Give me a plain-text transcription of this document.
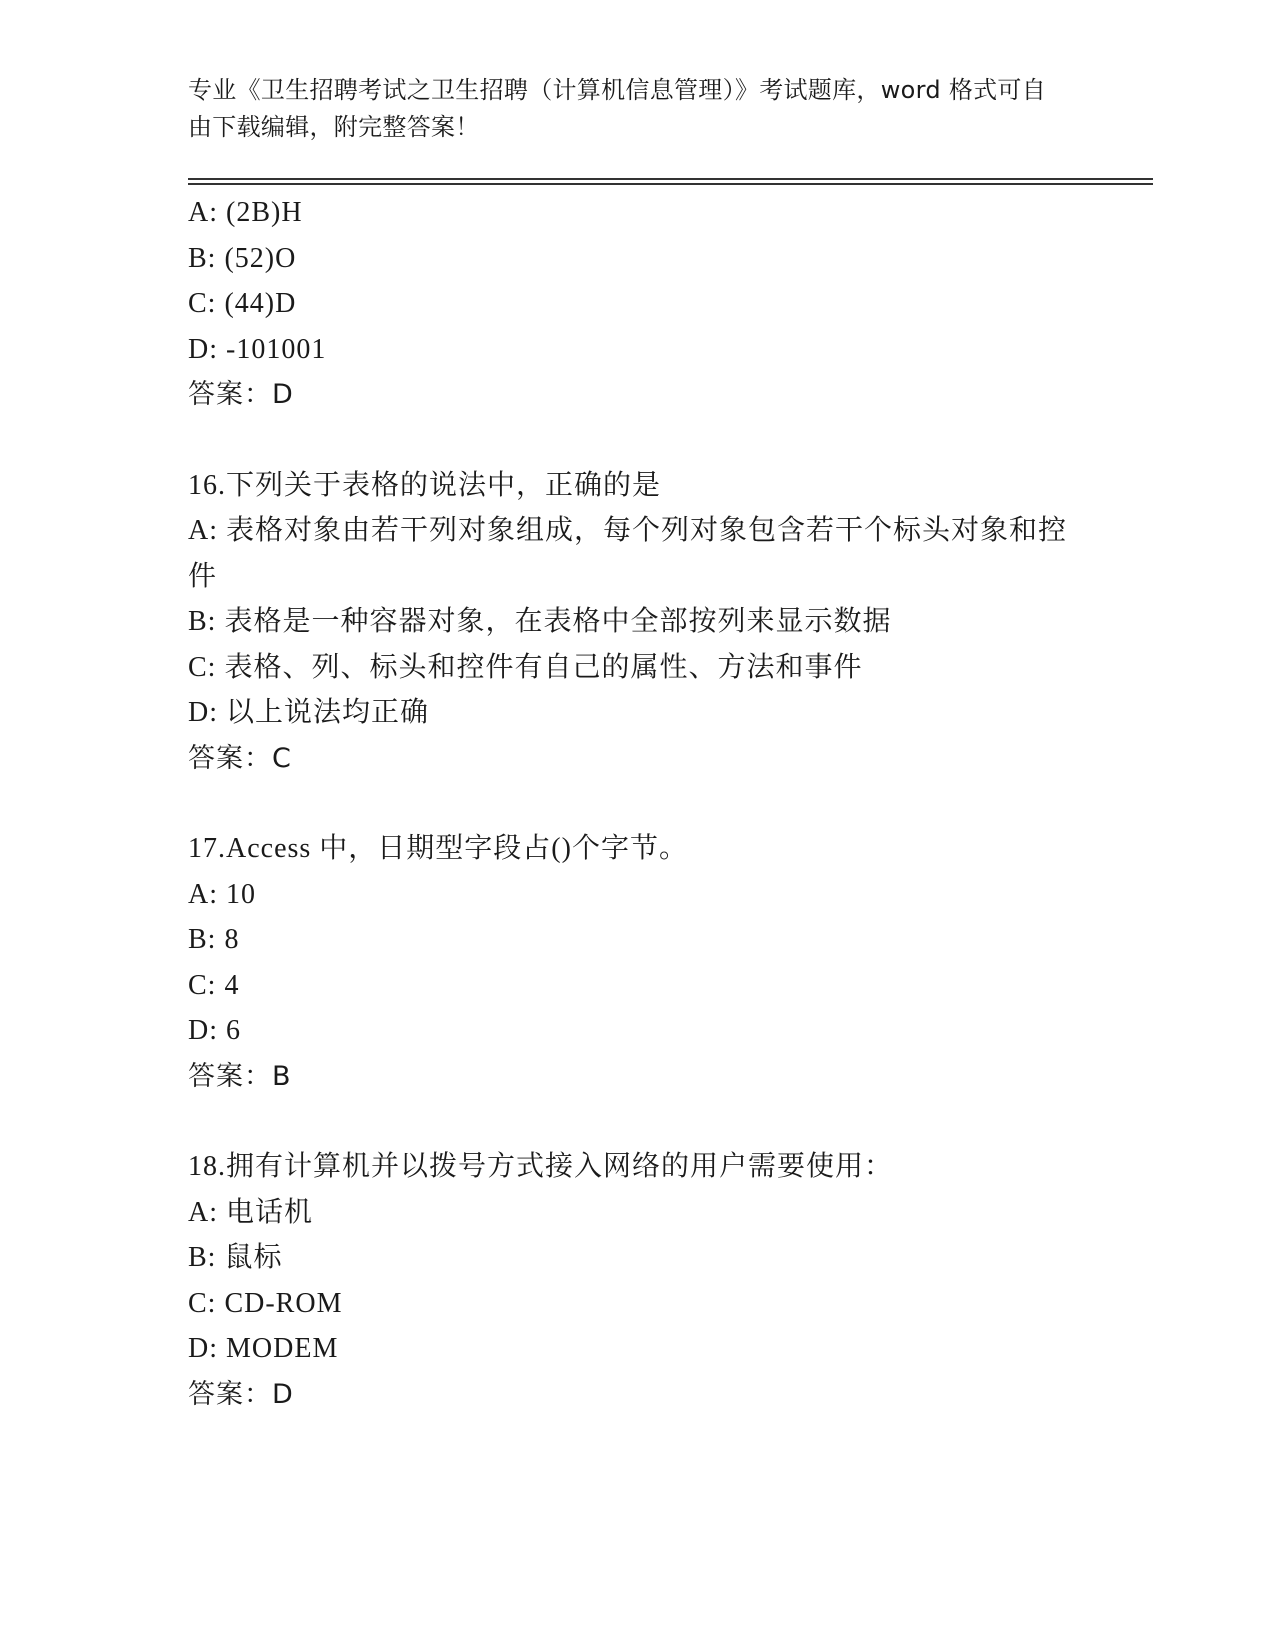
专业《卫生招聘考试之卫生招聘（计算机信息管理）》考试题库，word 格式可自
由下载编辑，附完整答案！
A: (2B)H
B: (52)O
C: (44)D
D: -101001
答案：D
16.下列关于表格的说法中，正确的是
A: 表格对象由若干列对象组成，每个列对象包含若干个标头对象和控件
B: 表格是一种容器对象，在表格中全部按列来显示数据
C: 表格、列、标头和控件有自己的属性、方法和事件
D: 以上说法均正确
答案：C
17.Access 中，日期型字段占()个字节。
A: 10
B: 8
C: 4
D: 6
答案：B
18.拥有计算机并以拨号方式接入网络的用户需要使用：
A: 电话机
B: 鼠标
C: CD-ROM
D: MODEM
答案：D
